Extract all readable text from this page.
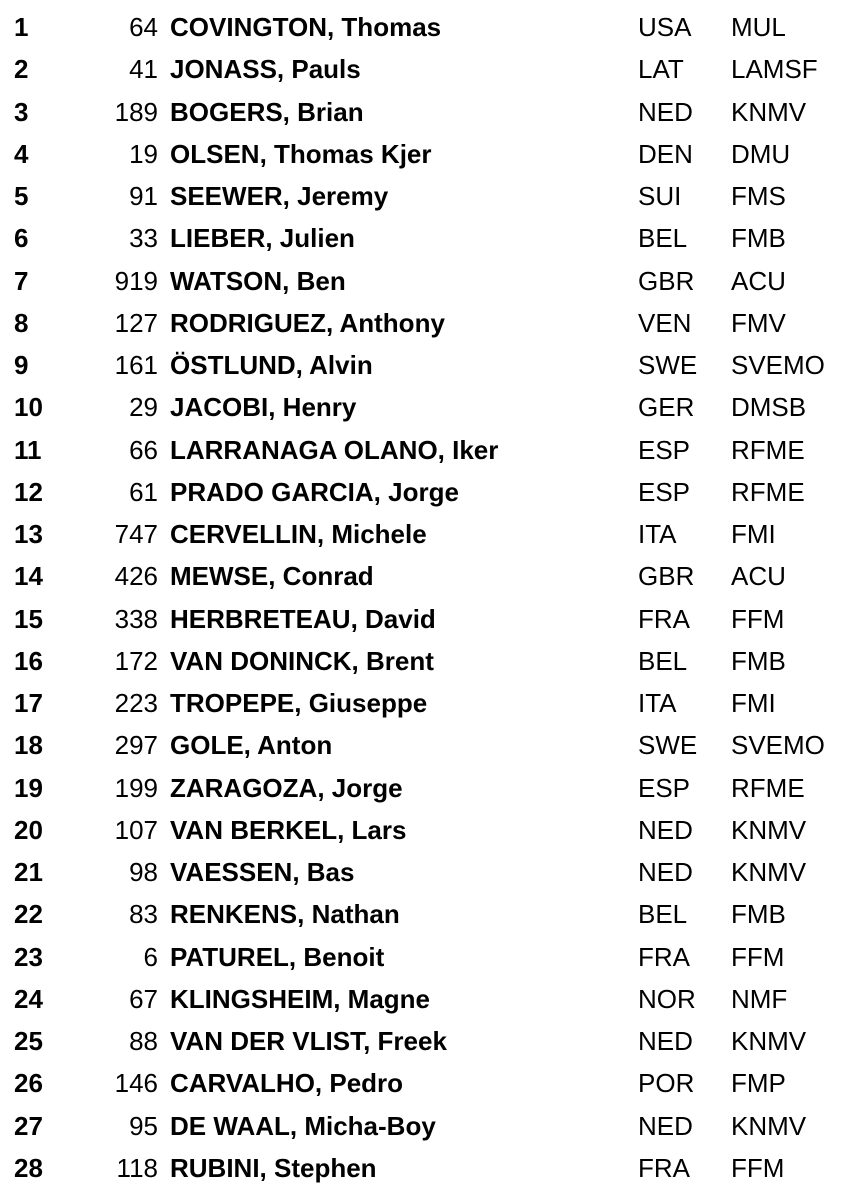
1	64 COVINGTON, Thomas	USA MUL
2	41 JONASS, Pauls	LAT LAMSF
3	189 BOGERS, Brian	NED KNMV
4	19 OLSEN, Thomas Kjer	DEN DMU
5	91 SEEWER, Jeremy	SUI FMS
6	33 LIEBER, Julien	BEL FMB
7	919 WATSON, Ben	GBR ACU
8	127 RODRIGUEZ, Anthony	VEN FMV
9	161 ÖSTLUND, Alvin	SWE SVEMO
10	29 JACOBI, Henry	GER DMSB
11	66 LARRANAGA OLANO, Iker	ESP RFME
12	61 PRADO GARCIA, Jorge	ESP RFME
13	747 CERVELLIN, Michele	ITA FMI
14	426 MEWSE, Conrad	GBR ACU
15	338 HERBRETEAU, David	FRA FFM
16	172 VAN DONINCK, Brent	BEL FMB
17	223 TROPEPE, Giuseppe	ITA FMI
18	297 GOLE, Anton	SWE SVEMO
19	199 ZARAGOZA, Jorge	ESP RFME
20	107 VAN BERKEL, Lars	NED KNMV
21	98 VAESSEN, Bas	NED KNMV
22	83 RENKENS, Nathan	BEL FMB
23	6 PATUREL, Benoit	FRA FFM
24	67 KLINGSHEIM, Magne	NOR NMF
25	88 VAN DER VLIST, Freek	NED KNMV
26	146 CARVALHO, Pedro	POR FMP
27	95 DE WAAL, Micha-Boy	NED KNMV
28	118 RUBINI, Stephen	FRA FFM
